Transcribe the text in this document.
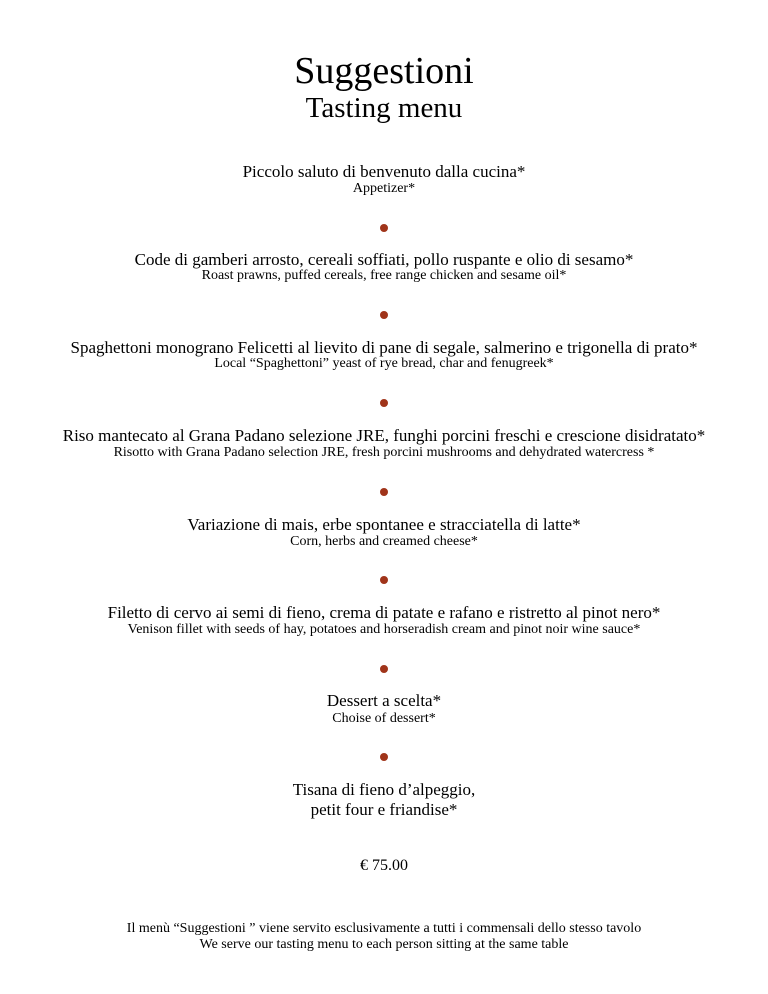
Suggestioni
Tasting menu
Piccolo saluto di benvenuto dalla cucina*
Appetizer*
Code di gamberi arrosto, cereali soffiati, pollo ruspante e olio di sesamo*
Roast prawns, puffed cereals, free range chicken and sesame oil*
Spaghettoni monograno Felicetti al lievito di pane di segale, salmerino e trigonella di prato*
Local “Spaghettoni” yeast of rye bread, char and fenugreek*
Riso mantecato al Grana Padano selezione JRE, funghi porcini freschi e crescione disidratato*
Risotto with Grana Padano selection JRE, fresh porcini mushrooms and dehydrated watercress *
Variazione di mais, erbe spontanee e stracciatella di latte*
Corn, herbs and creamed cheese*
Filetto di cervo ai semi di fieno, crema di patate e rafano e ristretto al pinot nero*
Venison fillet with seeds of hay, potatoes and horseradish cream and pinot noir wine sauce*
Dessert a scelta*
Choise of dessert*
Tisana di fieno d’alpeggio,
petit four e friandise*
€ 75.00
Il menù “Suggestioni ” viene servito esclusivamente a tutti i commensali dello stesso tavolo
We serve our tasting menu to each person sitting at the same table
